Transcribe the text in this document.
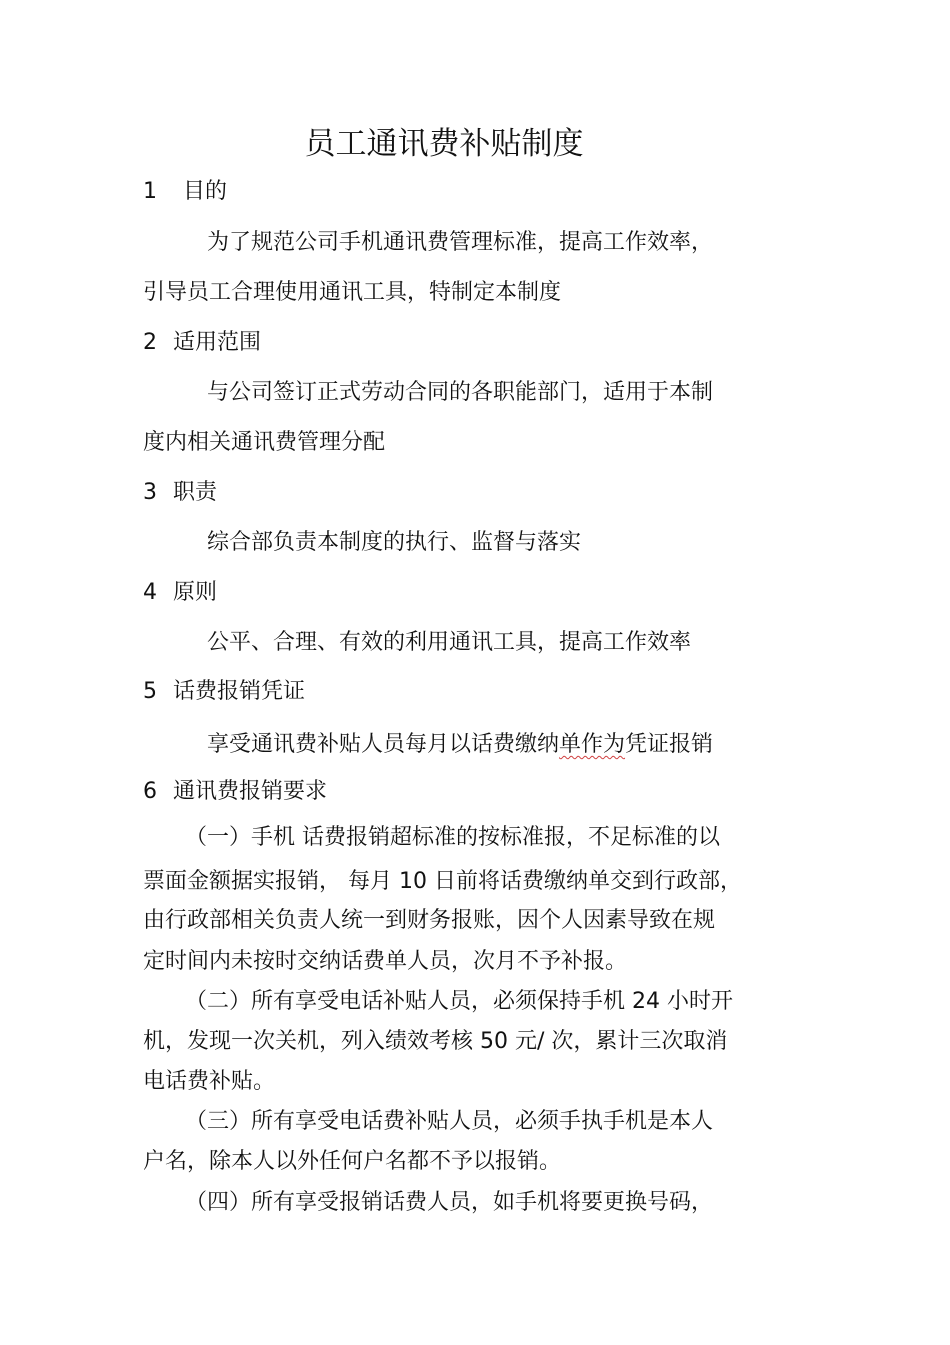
员工通讯费补贴制度
1 目的
为了规范公司手机通讯费管理标准，提高工作效率，
引导员工合理使用通讯工具，特制定本制度
2 适用范围
与公司签订正式劳动合同的各职能部门，适用于本制
度内相关通讯费管理分配
3 职责
综合部负责本制度的执行、监督与落实
4 原则
公平、合理、有效的利用通讯工具，提高工作效率
5 话费报销凭证
享受通讯费补贴人员每月以话费缴纳单作为凭证报销
6 通讯费报销要求
（一）手机 话费报销超标准的按标准报，不足标准的以
票面金额据实报销， 每月 10 日前将话费缴纳单交到行政部，
由行政部相关负责人统一到财务报账，因个人因素导致在规
定时间内未按时交纳话费单人员，次月不予补报。
（二）所有享受电话补贴人员，必须保持手机 24 小时开
机，发现一次关机，列入绩效考核 50 元/ 次，累计三次取消
电话费补贴。
（三）所有享受电话费补贴人员，必须手执手机是本人
户名，除本人以外任何户名都不予以报销。
（四）所有享受报销话费人员，如手机将要更换号码，
